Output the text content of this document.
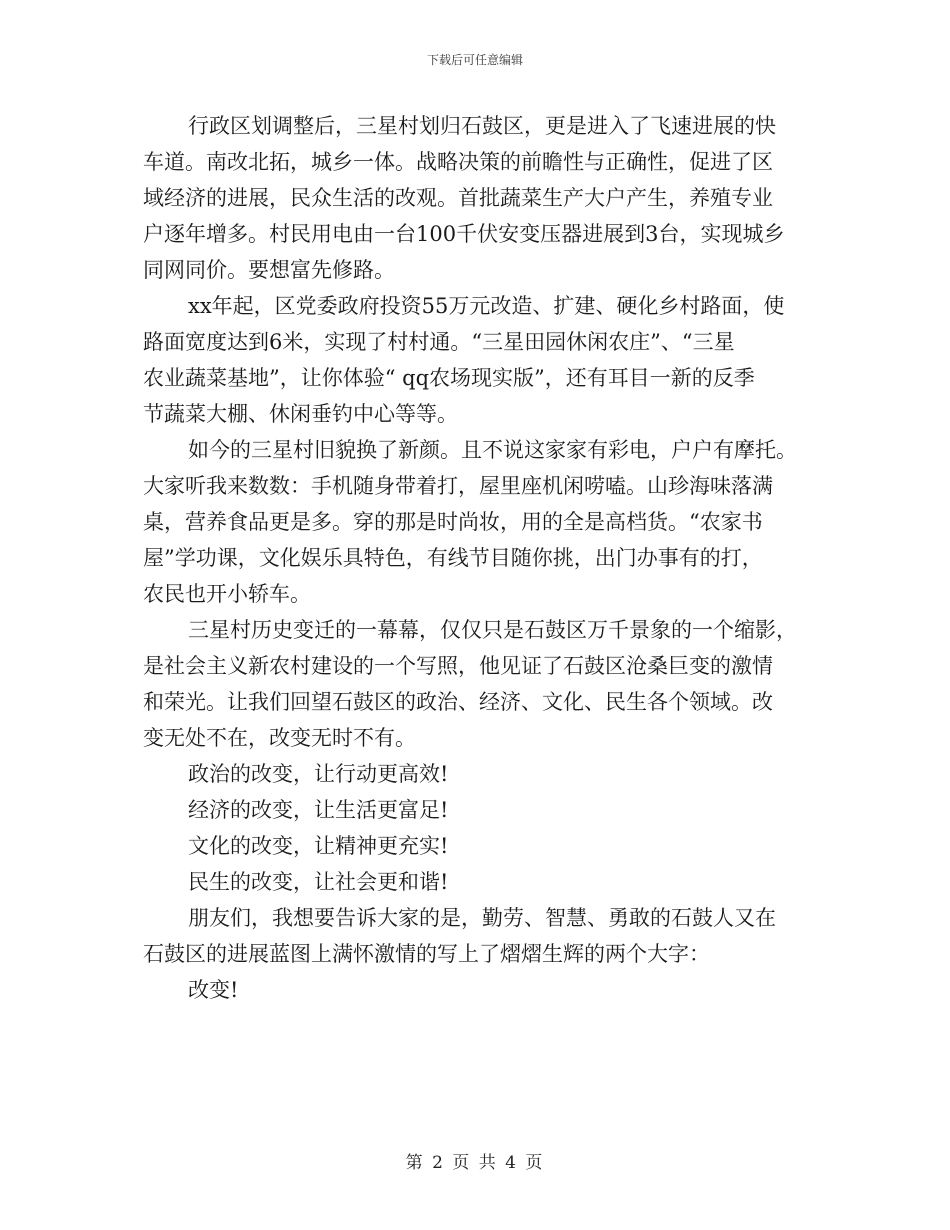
下载后可任意编辑
行政区划调整后，三星村划归石鼓区，更是进入了飞速进展的快
车道。南改北拓，城乡一体。战略决策的前瞻性与正确性，促进了区
域经济的进展，民众生活的改观。首批蔬菜生产大户产生，养殖专业
户逐年增多。村民用电由一台100千伏安变压器进展到3台，实现城乡
同网同价。要想富先修路。
xx年起，区党委政府投资55万元改造、扩建、硬化乡村路面，使
路面宽度达到6米，实现了村村通。“三星田园休闲农庄”、“三星
农业蔬菜基地”，让你体验“ qq农场现实版”，还有耳目一新的反季
节蔬菜大棚、休闲垂钓中心等等。
如今的三星村旧貌换了新颜。且不说这家家有彩电，户户有摩托。
大家听我来数数：手机随身带着打，屋里座机闲唠嗑。山珍海味落满
桌，营养食品更是多。穿的那是时尚妆，用的全是高档货。“农家书
屋”学功课，文化娱乐具特色，有线节目随你挑，出门办事有的打，
农民也开小轿车。
三星村历史变迁的一幕幕，仅仅只是石鼓区万千景象的一个缩影，
是社会主义新农村建设的一个写照，他见证了石鼓区沧桑巨变的激情
和荣光。让我们回望石鼓区的政治、经济、文化、民生各个领域。改
变无处不在，改变无时不有。

政治的改变，让行动更高效!

经济的改变，让生活更富足!

文化的改变，让精神更充实!

民生的改变，让社会更和谐!

朋友们，我想要告诉大家的是，勤劳、智慧、勇敢的石鼓人又在
石鼓区的进展蓝图上满怀激情的写上了熠熠生辉的两个大字：

改变!

第 2 页 共 4 页
